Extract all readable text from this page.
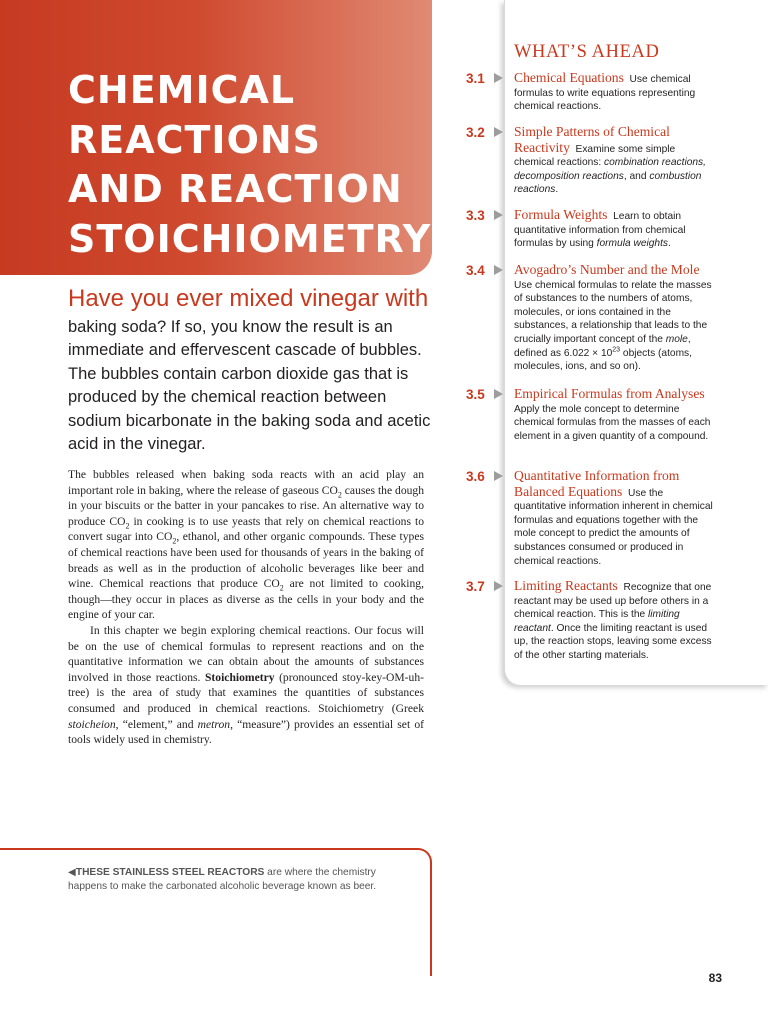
CHEMICAL
REACTIONS
AND REACTION
STOICHIOMETRY

Have you ever mixed vinegar with

baking soda? If so, you know the result is an immediate and effervescent cascade of bubbles. The bubbles contain carbon dioxide gas that is produced by the chemical reaction between sodium bicarbonate in the baking soda and acetic acid in the vinegar.

The bubbles released when baking soda reacts with an acid play an important role in baking, where the release of gaseous $CO_2$ causes the dough in your biscuits or the batter in your pancakes to rise. An alternative way to produce $CO_2$ in cooking is to use yeasts that rely on chemical reactions to convert sugar into $CO_2$, ethanol, and other organic compounds. These types of chemical reactions have been used for thousands of years in the baking of breads as well as in the production of alcoholic beverages like beer and wine. Chemical reactions that produce $CO_2$ are not limited to cooking, though—they occur in places as diverse as the cells in your body and the engine of your car.

In this chapter we begin exploring chemical reactions. Our focus will be on the use of chemical formulas to represent reactions and on the quantitative information we can obtain about the amounts of substances involved in those reactions. Stoichiometry (pronounced stoy-key-OM-uh-tree) is the area of study that examines the quantities of substances consumed and produced in chemical reactions. Stoichiometry (Greek stoicheion, “element,” and metron, “measure”) provides an essential set of tools widely used in chemistry.

WHAT’S AHEAD
3.1 Chemical Equations Use chemical formulas to write equations representing chemical reactions.
3.2 Simple Patterns of Chemical Reactivity Examine some simple chemical reactions: combination reactions, decomposition reactions, and combustion reactions.
3.3 Formula Weights Learn to obtain quantitative information from chemical formulas by using formula weights.
3.4 Avogadro’s Number and the Mole  Use chemical formulas to relate the masses of substances to the numbers of atoms, molecules, or ions contained in the substances, a relationship that leads to the crucially important concept of the mole, defined as $6.022 \times 10^{23}$ objects (atoms, molecules, ions, and so on).
3.5 Empirical Formulas from Analyses  Apply the mole concept to determine chemical formulas from the masses of each element in a given quantity of a compound.
3.6 Quantitative Information from Balanced Equations Use the quantitative information inherent in chemical formulas and equations together with the mole concept to predict the amounts of substances consumed or produced in chemical reactions.
3.7 Limiting Reactants Recognize that one reactant may be used up before others in a chemical reaction. This is the limiting reactant. Once the limiting reactant is used up, the reaction stops, leaving some excess of the other starting materials.
◀THESE STAINLESS STEEL REACTORS are where the chemistry happens to make the carbonated alcoholic beverage known as beer.
83
